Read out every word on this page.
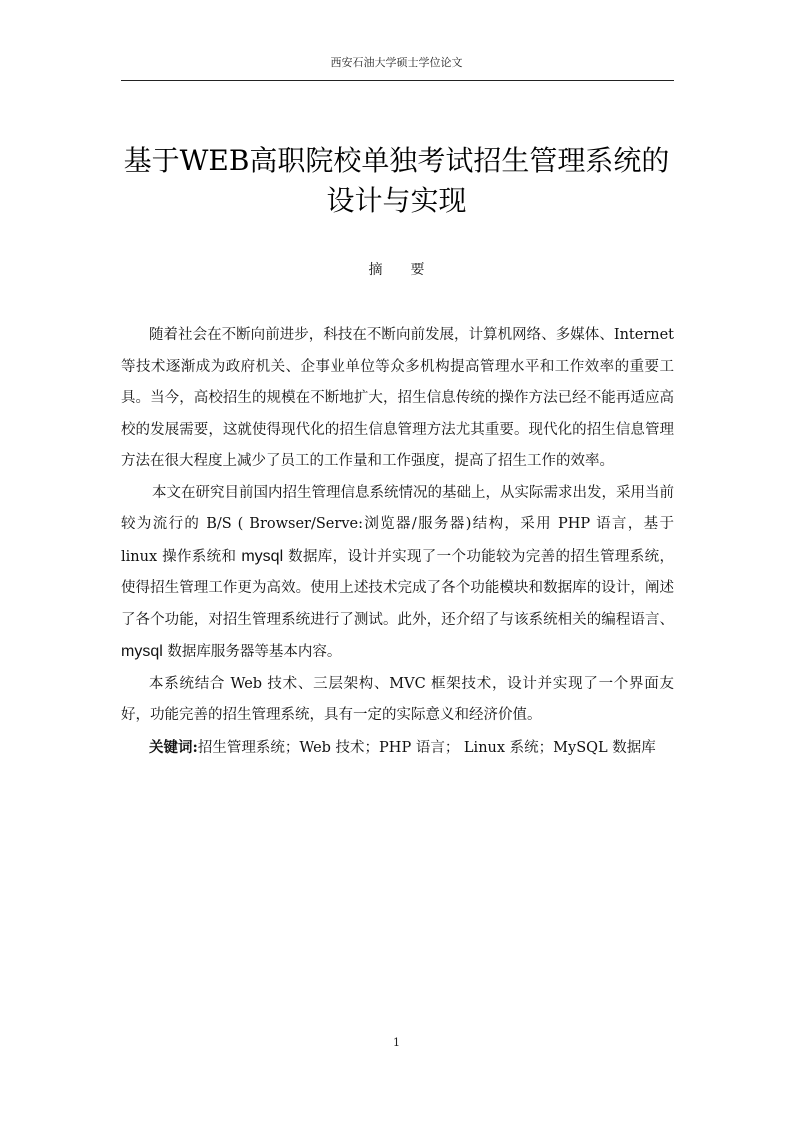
西安石油大学硕士学位论文
基于WEB高职院校单独考试招生管理系统的
设计与实现
摘要

随着社会在不断向前进步，科技在不断向前发展，计算机网络、多媒体、Internet 等技术逐渐成为政府机关、企事业单位等众多机构提高管理水平和工作效率的重要工具。当今，高校招生的规模在不断地扩大，招生信息传统的操作方法已经不能再适应高校的发展需要，这就使得现代化的招生信息管理方法尤其重要。现代化的招生信息管理方法在很大程度上减少了员工的工作量和工作强度，提高了招生工作的效率。

本文在研究目前国内招生管理信息系统情况的基础上，从实际需求出发，采用当前较为流行的 B/S ( Browser/Serve:浏览器/服务器)结构，采用 PHP 语言，基于 linux 操作系统和 mysql 数据库，设计并实现了一个功能较为完善的招生管理系统，使得招生管理工作更为高效。使用上述技术完成了各个功能模块和数据库的设计，阐述了各个功能，对招生管理系统进行了测试。此外，还介绍了与该系统相关的编程语言、mysql 数据库服务器等基本内容。

本系统结合 Web 技术、三层架构、MVC 框架技术，设计并实现了一个界面友好，功能完善的招生管理系统，具有一定的实际意义和经济价值。

关键词:招生管理系统；Web 技术；PHP 语言； Linux 系统；MySQL 数据库

1
